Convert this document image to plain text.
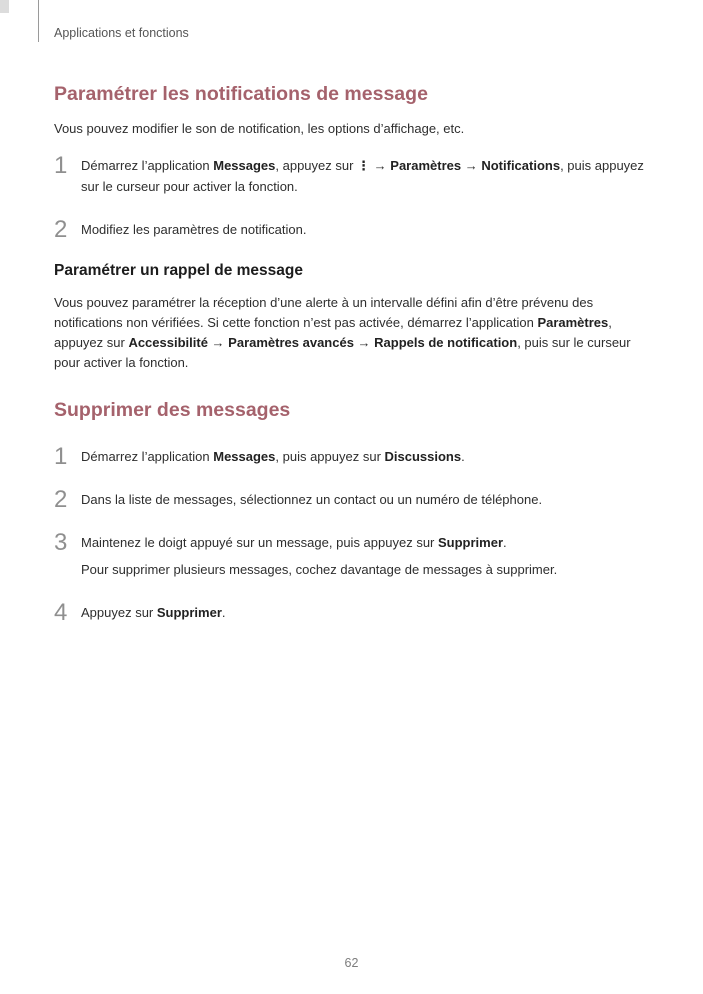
Applications et fonctions
Paramétrer les notifications de message

Vous pouvez modifier le son de notification, les options d’affichage, etc.

1	Démarrez l’application Messages, appuyez sur ⋮ → Paramètres → Notifications, puis appuyez sur le curseur pour activer la fonction.

2	Modifiez les paramètres de notification.

Paramétrer un rappel de message

Vous pouvez paramétrer la réception d’une alerte à un intervalle défini afin d’être prévenu des notifications non vérifiées. Si cette fonction n’est pas activée, démarrez l’application Paramètres, appuyez sur Accessibilité → Paramètres avancés → Rappels de notification, puis sur le curseur pour activer la fonction.

Supprimer des messages
1	Démarrez l’application Messages, puis appuyez sur Discussions.

2	Dans la liste de messages, sélectionnez un contact ou un numéro de téléphone.

3	Maintenez le doigt appuyé sur un message, puis appuyez sur Supprimer.

Pour supprimer plusieurs messages, cochez davantage de messages à supprimer.

4	Appuyez sur Supprimer.

62
